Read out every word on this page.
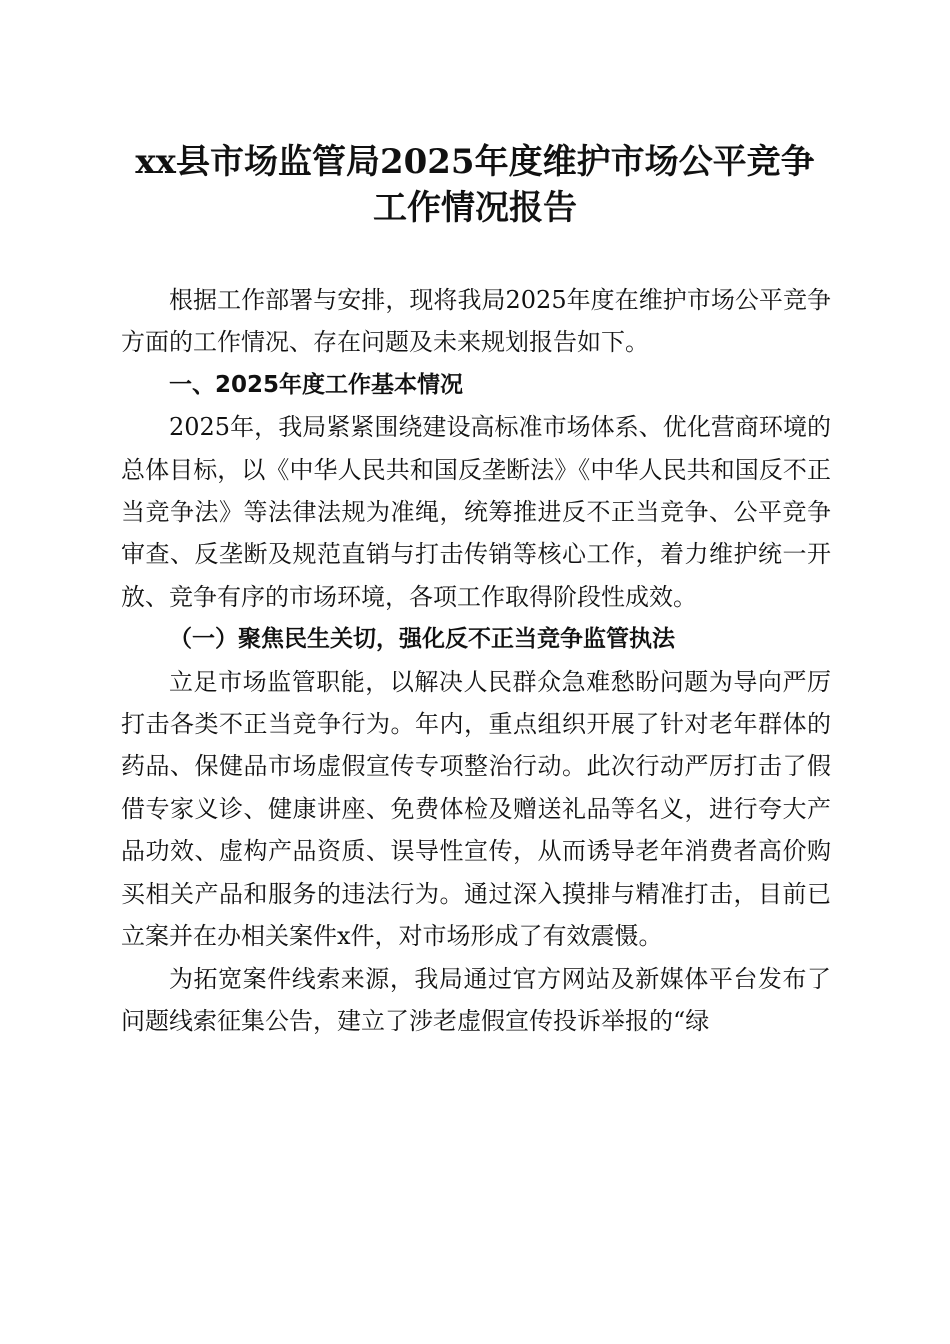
xx县市场监管局2025年度维护市场公平竞争
工作情况报告

根据工作部署与安排，现将我局2025年度在维护市场公平竞争方面的工作情况、存在问题及未来规划报告如下。

一、2025年度工作基本情况

2025年，我局紧紧围绕建设高标准市场体系、优化营商环境的总体目标，以《中华人民共和国反垄断法》《中华人民共和国反不正当竞争法》等法律法规为准绳，统筹推进反不正当竞争、公平竞争审查、反垄断及规范直销与打击传销等核心工作，着力维护统一开放、竞争有序的市场环境，各项工作取得阶段性成效。

（一）聚焦民生关切，强化反不正当竞争监管执法

立足市场监管职能，以解决人民群众急难愁盼问题为导向严厉打击各类不正当竞争行为。年内，重点组织开展了针对老年群体的药品、保健品市场虚假宣传专项整治行动。此次行动严厉打击了假借专家义诊、健康讲座、免费体检及赠送礼品等名义，进行夸大产品功效、虚构产品资质、误导性宣传，从而诱导老年消费者高价购买相关产品和服务的违法行为。通过深入摸排与精准打击，目前已立案并在办相关案件x件，对市场形成了有效震慑。

为拓宽案件线索来源，我局通过官方网站及新媒体平台发布了问题线索征集公告，建立了涉老虚假宣传投诉举报的“绿
